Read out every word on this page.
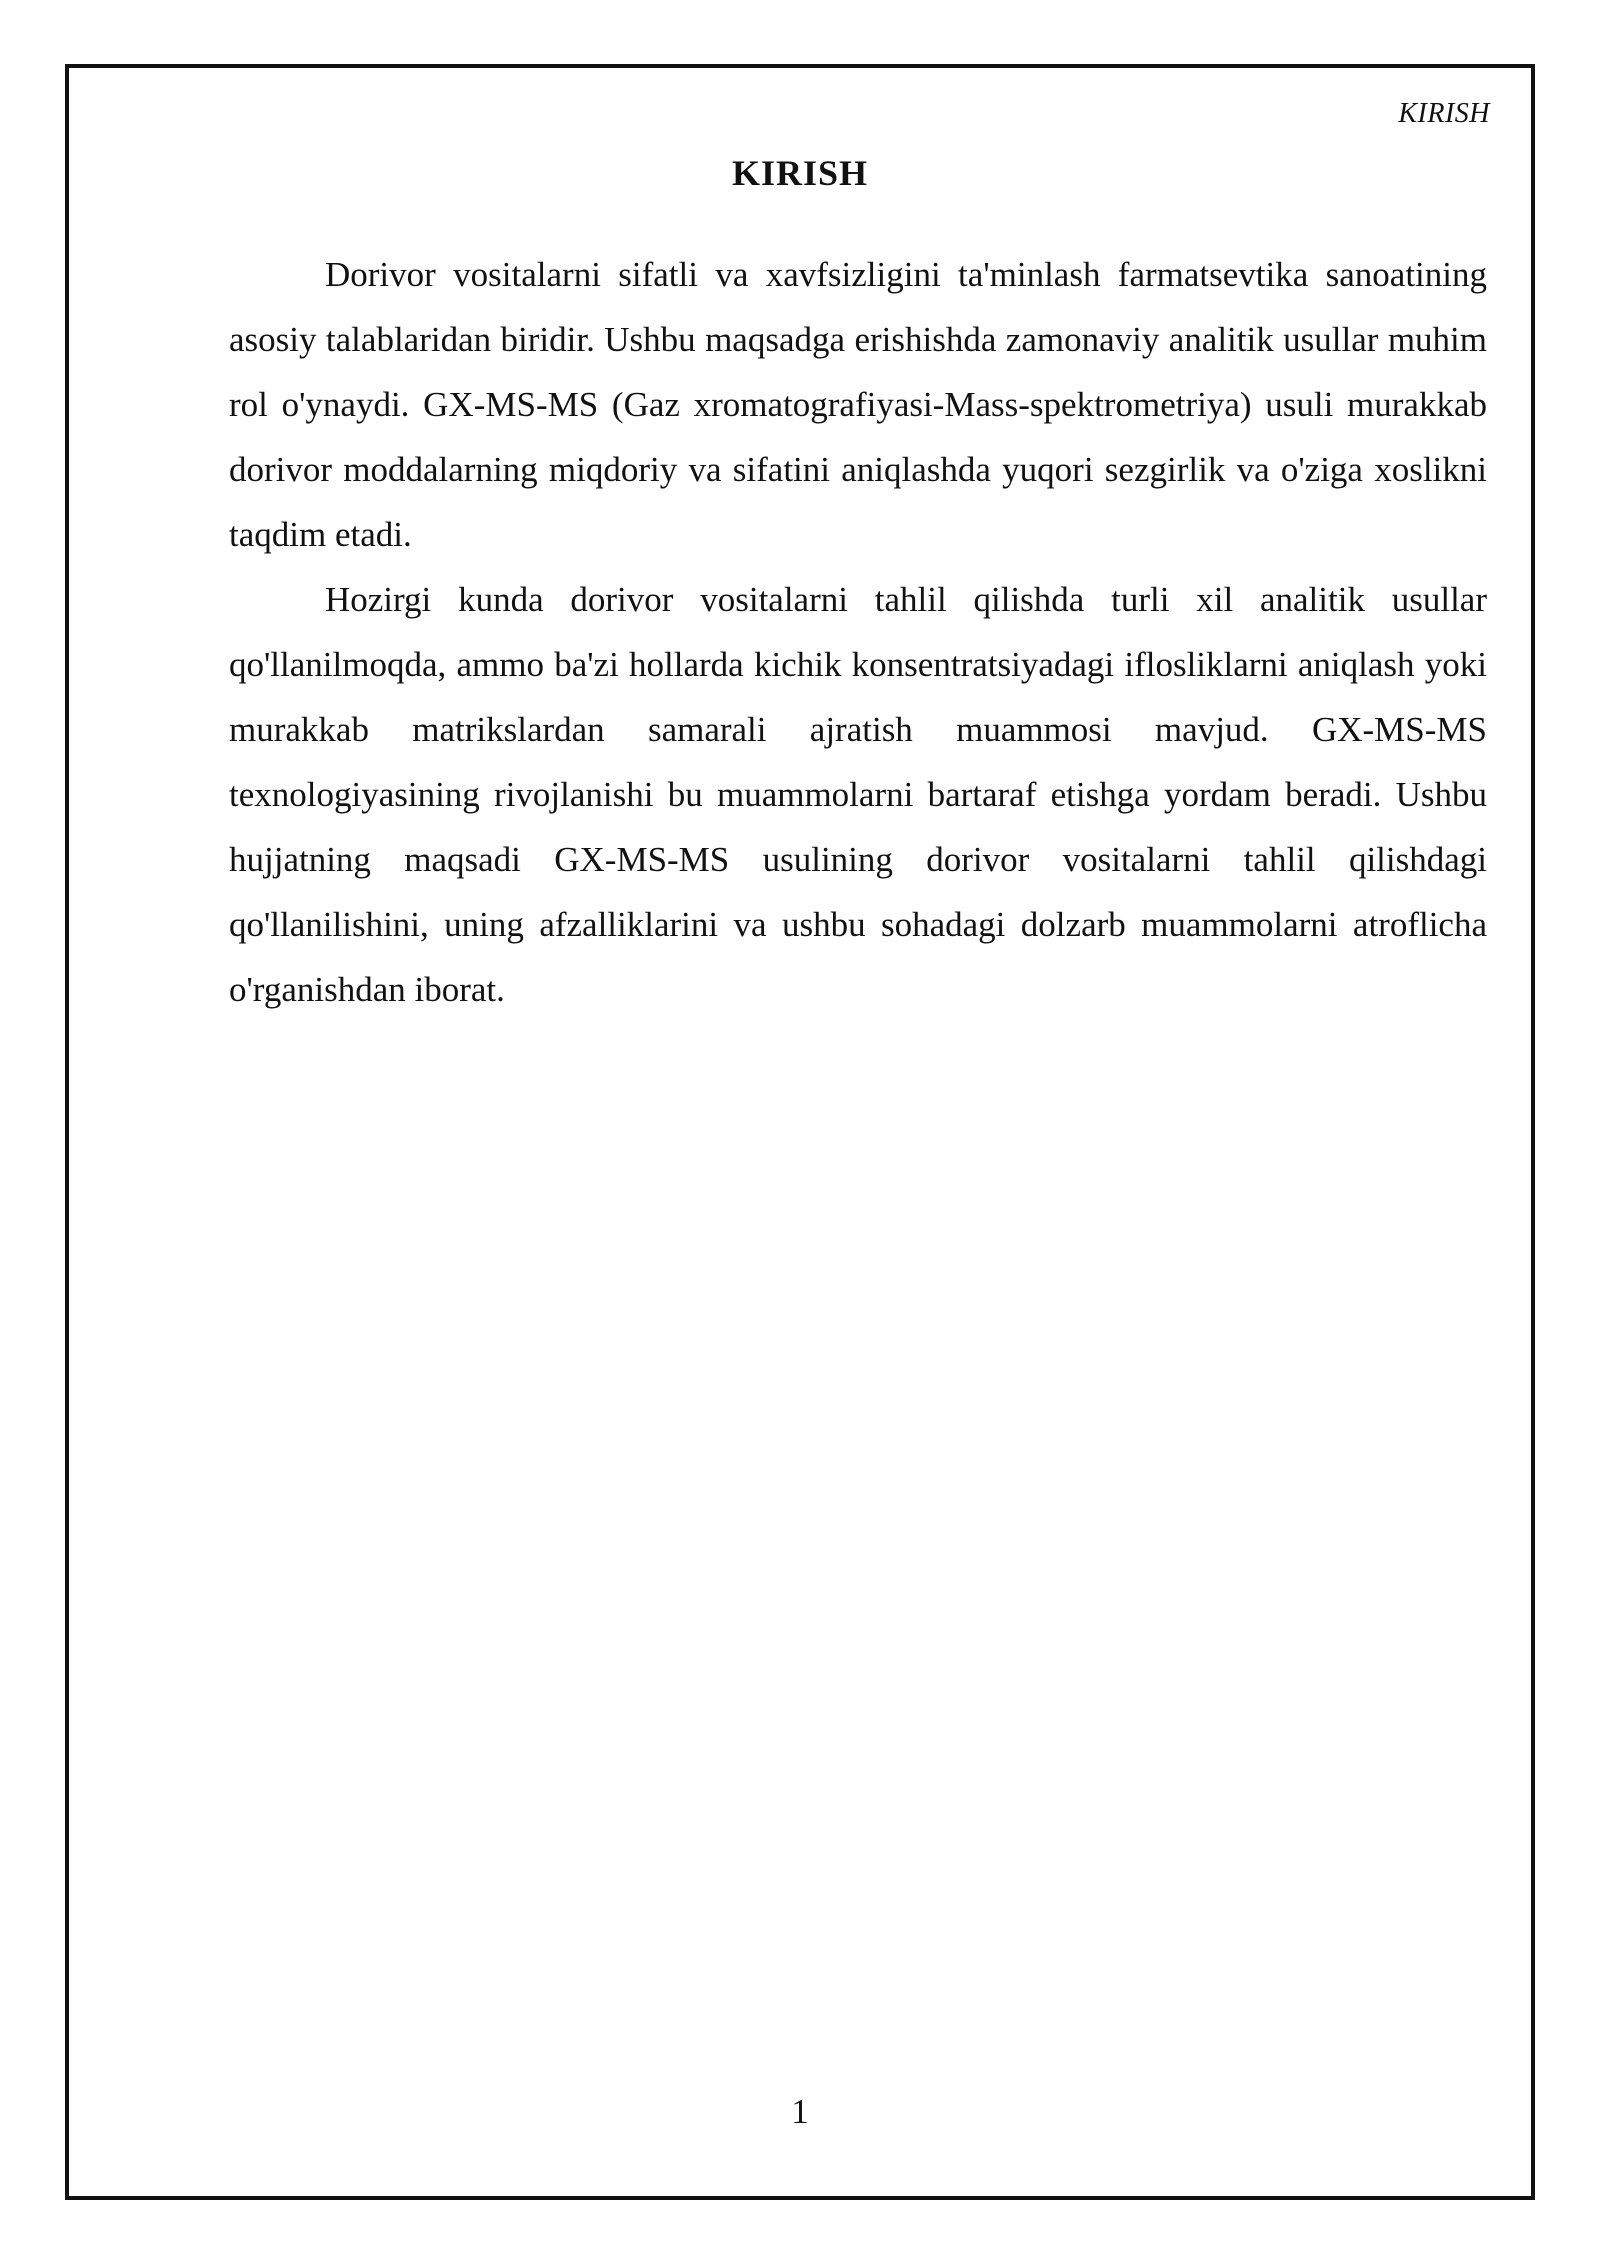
KIRISH
KIRISH

Dorivor vositalarni sifatli va xavfsizligini ta'minlash farmatsevtika sanoatining asosiy talablaridan biridir. Ushbu maqsadga erishishda zamonaviy analitik usullar muhim rol o'ynaydi. GX-MS-MS (Gaz xromatografiyasi-Mass-spektrometriya) usuli murakkab dorivor moddalarning miqdoriy va sifatini aniqlashda yuqori sezgirlik va o'ziga xoslikni taqdim etadi.

Hozirgi kunda dorivor vositalarni tahlil qilishda turli xil analitik usullar qo'llanilmoqda, ammo ba'zi hollarda kichik konsentratsiyadagi iflosliklarni aniqlash yoki murakkab matrikslardan samarali ajratish muammosi mavjud. GX-MS-MS texnologiyasining rivojlanishi bu muammolarni bartaraf etishga yordam beradi. Ushbu hujjatning maqsadi GX-MS-MS usulining dorivor vositalarni tahlil qilishdagi qo'llanilishini, uning afzalliklarini va ushbu sohadagi dolzarb muammolarni atroflicha o'rganishdan iborat.

1
